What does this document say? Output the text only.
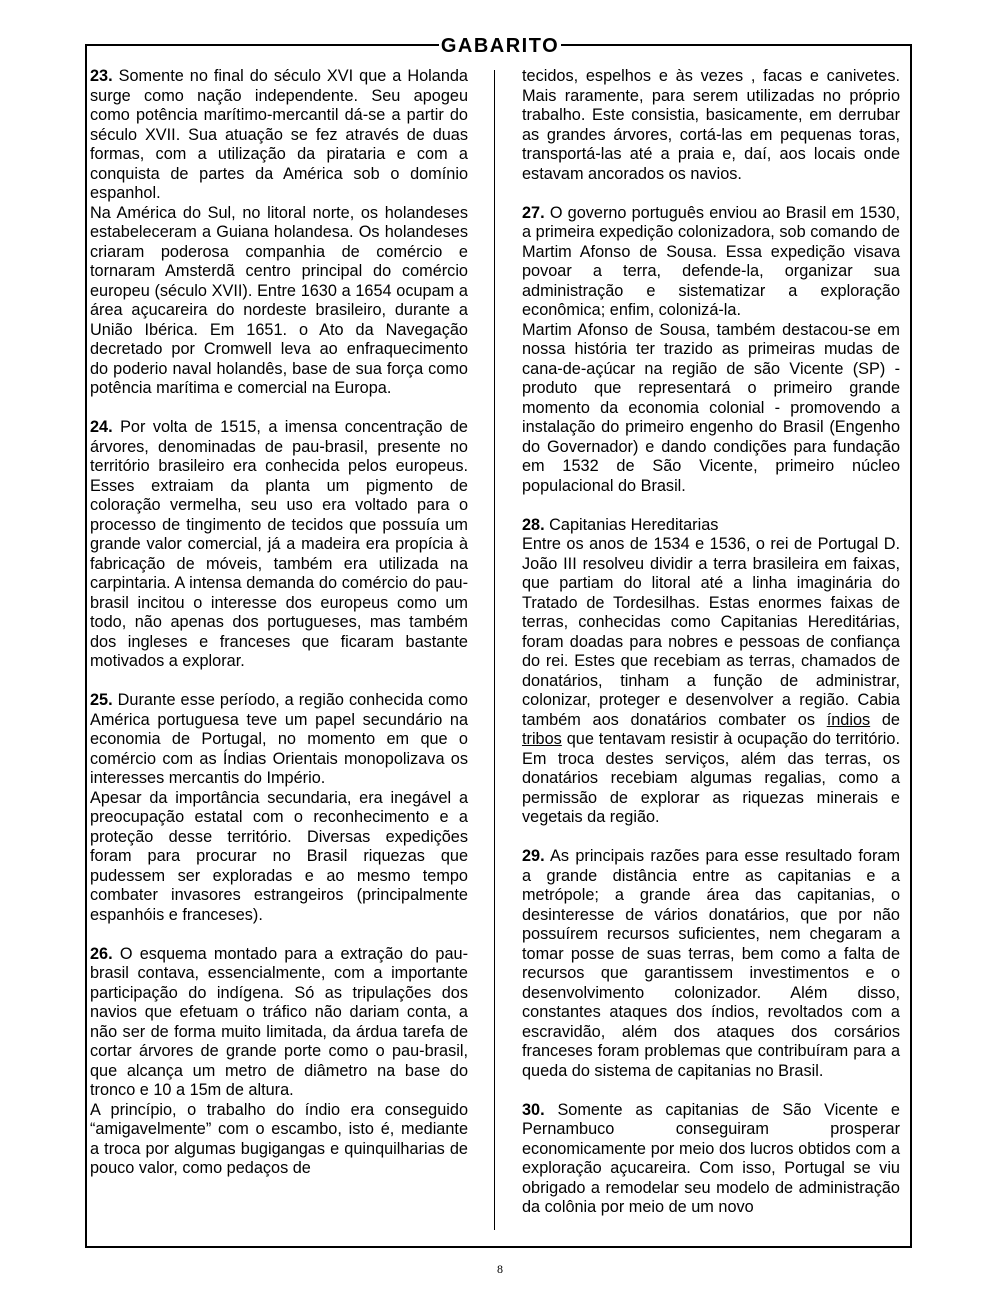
GABARITO

23. Somente no final do século XVI que a Holanda surge como nação independente. Seu apogeu como potência marítimo-mercantil dá-se a partir do século XVII. Sua atuação se fez através de duas formas, com a utilização da pirataria e com a conquista de partes da América sob o domínio espanhol.

Na América do Sul, no litoral norte, os holandeses estabeleceram a Guiana holandesa. Os holandeses criaram poderosa companhia de comércio e tornaram Amsterdã centro principal do comércio europeu (século XVII). Entre 1630 a 1654 ocupam a área açucareira do nordeste brasileiro, durante a União Ibérica. Em 1651. o Ato da Navegação decretado por Cromwell leva ao enfraquecimento do poderio naval holandês, base de sua força como potência marítima e comercial na Europa.

24. Por volta de 1515, a imensa concentração de árvores, denominadas de pau-brasil, presente no território brasileiro era conhecida pelos europeus. Esses extraiam da planta um pigmento de coloração vermelha, seu uso era voltado para o processo de tingimento de tecidos que possuía um grande valor comercial, já a madeira era propícia à fabricação de móveis, também era utilizada na carpintaria. A intensa demanda do comércio do pau-brasil incitou o interesse dos europeus como um todo, não apenas dos portugueses, mas também dos ingleses e franceses que ficaram bastante motivados a explorar.

25. Durante esse período, a região conhecida como América portuguesa teve um papel secundário na economia de Portugal, no momento em que o comércio com as Índias Orientais monopolizava os interesses mercantis do Império.

Apesar da importância secundaria, era inegável a preocupação estatal com o reconhecimento e a proteção desse território. Diversas expedições foram para procurar no Brasil riquezas que pudessem ser exploradas e ao mesmo tempo combater invasores estrangeiros (principalmente espanhóis e franceses).

26. O esquema montado para a extração do pau-brasil contava, essencialmente, com a importante participação do indígena. Só as tripulações dos navios que efetuam o tráfico não dariam conta, a não ser de forma muito limitada, da árdua tarefa de cortar árvores de grande porte como o pau-brasil, que alcança um metro de diâmetro na base do tronco e 10 a 15m de altura.

A princípio, o trabalho do índio era conseguido “amigavelmente” com o escambo, isto é, mediante a troca por algumas bugigangas e quinquilharias de pouco valor, como pedaços de

tecidos, espelhos e às vezes , facas e canivetes. Mais raramente, para serem utilizadas no próprio trabalho. Este consistia, basicamente, em derrubar as grandes árvores, cortá-las em pequenas toras, transportá-las até a praia e, daí, aos locais onde estavam ancorados os navios.

27. O governo português enviou ao Brasil em 1530, a primeira expedição colonizadora, sob comando de Martim Afonso de Sousa. Essa expedição visava povoar a terra, defende-la, organizar sua administração e sistematizar a exploração econômica; enfim, colonizá-la.

Martim Afonso de Sousa, também destacou-se em nossa história ter trazido as primeiras mudas de cana-de-açúcar na região de são Vicente (SP) - produto que representará o primeiro grande momento da economia colonial - promovendo a instalação do primeiro engenho do Brasil (Engenho do Governador) e dando condições para fundação em 1532 de São Vicente, primeiro núcleo populacional do Brasil.

28. Capitanias Hereditarias

Entre os anos de 1534 e 1536, o rei de Portugal D. João III resolveu dividir a terra brasileira em faixas, que partiam do litoral até a linha imaginária do Tratado de Tordesilhas. Estas enormes faixas de terras, conhecidas como Capitanias Hereditárias, foram doadas para nobres e pessoas de confiança do rei. Estes que recebiam as terras, chamados de donatários, tinham a função de administrar, colonizar, proteger e desenvolver a região. Cabia também aos donatários combater os índios de tribos que tentavam resistir à ocupação do território. Em troca destes serviços, além das terras, os donatários recebiam algumas regalias, como a permissão de explorar as riquezas minerais e vegetais da região.

29. As principais razões para esse resultado foram a grande distância entre as capitanias e a metrópole; a grande área das capitanias, o desinteresse de vários donatários, que por não possuírem recursos suficientes, nem chegaram a tomar posse de suas terras, bem como a falta de recursos que garantissem investimentos e o desenvolvimento colonizador. Além disso, constantes ataques dos índios, revoltados com a escravidão, além dos ataques dos corsários franceses foram problemas que contribuíram para a queda do sistema de capitanias no Brasil.

30. Somente as capitanias de São Vicente e Pernambuco conseguiram prosperar economicamente por meio dos lucros obtidos com a exploração açucareira. Com isso, Portugal se viu obrigado a remodelar seu modelo de administração da colônia por meio de um novo

8
